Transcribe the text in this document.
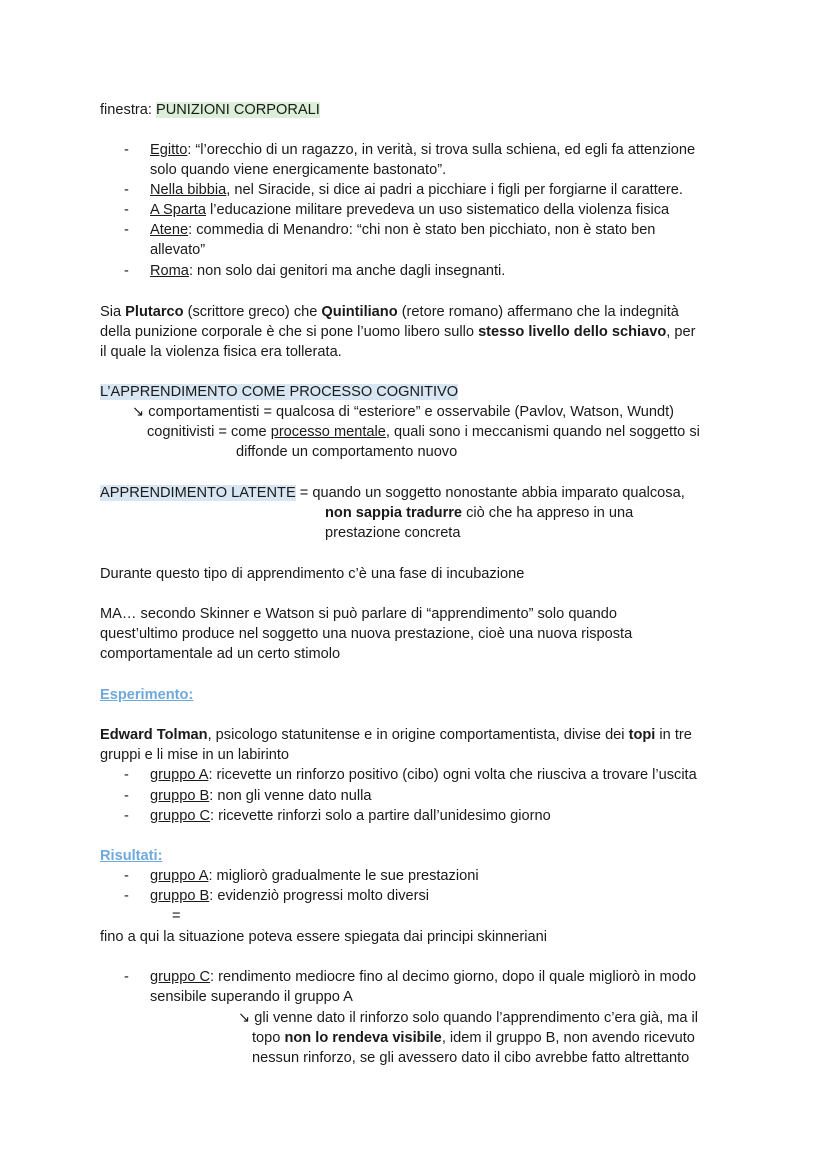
finestra: PUNIZIONI CORPORALI
- Egitto: “l’orecchio di un ragazzo, in verità, si trova sulla schiena, ed egli fa attenzione
solo quando viene energicamente bastonato”.
- Nella bibbia, nel Siracide, si dice ai padri a picchiare i figli per forgiarne il carattere.
- A Sparta l’educazione militare prevedeva un uso sistematico della violenza fisica
- Atene: commedia di Menandro: “chi non è stato ben picchiato, non è stato ben
allevato”
- Roma: non solo dai genitori ma anche dagli insegnanti.
Sia Plutarco (scrittore greco) che Quintiliano (retore romano) affermano che la indegnità
della punizione corporale è che si pone l’uomo libero sullo stesso livello dello schiavo, per
il quale la violenza fisica era tollerata.
L’APPRENDIMENTO COME PROCESSO COGNITIVO
↘ comportamentisti = qualcosa di “esteriore” e osservabile (Pavlov, Watson, Wundt)
cognitivisti = come processo mentale, quali sono i meccanismi quando nel soggetto si
diffonde un comportamento nuovo
APPRENDIMENTO LATENTE = quando un soggetto nonostante abbia imparato qualcosa,
non sappia tradurre ciò che ha appreso in una
prestazione concreta
Durante questo tipo di apprendimento c’è una fase di incubazione
MA… secondo Skinner e Watson si può parlare di “apprendimento” solo quando
quest’ultimo produce nel soggetto una nuova prestazione, cioè una nuova risposta
comportamentale ad un certo stimolo
Esperimento:
Edward Tolman, psicologo statunitense e in origine comportamentista, divise dei topi in tre
gruppi e li mise in un labirinto
- gruppo A: ricevette un rinforzo positivo (cibo) ogni volta che riusciva a trovare l’uscita
- gruppo B: non gli venne dato nulla
- gruppo C: ricevette rinforzi solo a partire dall’unidesimo giorno
Risultati:
- gruppo A: migliorò gradualmente le sue prestazioni
- gruppo B: evidenziò progressi molto diversi
=
fino a qui la situazione poteva essere spiegata dai principi skinneriani
- gruppo C: rendimento mediocre fino al decimo giorno, dopo il quale migliorò in modo
sensibile superando il gruppo A
↘ gli venne dato il rinforzo solo quando l’apprendimento c’era già, ma il
topo non lo rendeva visibile, idem il gruppo B, non avendo ricevuto
nessun rinforzo, se gli avessero dato il cibo avrebbe fatto altrettanto
